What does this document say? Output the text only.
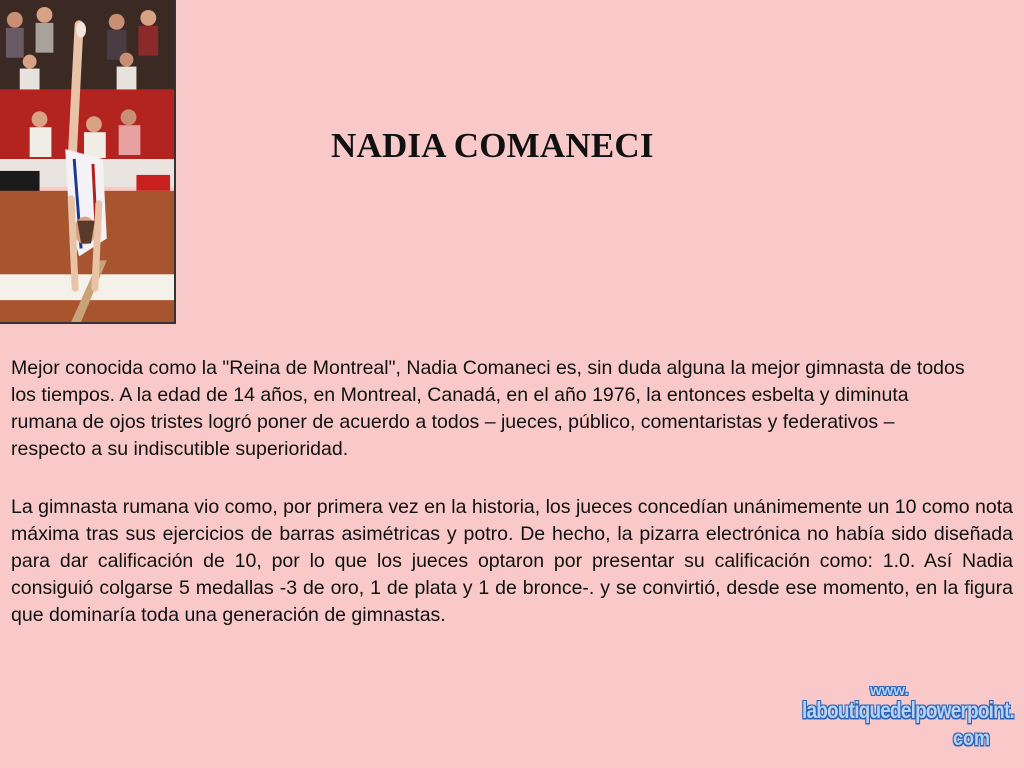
NADIA COMANECI

Mejor conocida como la "Reina de Montreal", Nadia Comaneci es, sin duda alguna la mejor gimnasta de todos los tiempos. A la edad de 14 años, en Montreal, Canadá, en el año 1976, la entonces esbelta y diminuta rumana de ojos tristes logró poner de acuerdo a todos – jueces, público, comentaristas y federativos – respecto a su indiscutible superioridad.

La gimnasta rumana vio como, por primera vez en la historia, los jueces concedían unánimemente un 10 como nota máxima tras sus ejercicios de barras asimétricas y potro. De hecho, la pizarra electrónica no había sido diseñada para dar calificación de 10, por lo que los jueces optaron por presentar su calificación como: 1.0. Así Nadia consiguió colgarse 5 medallas -3 de oro, 1 de plata y 1 de bronce-. y se convirtió, desde ese momento, en la figura que dominaría toda una generación de gimnastas.

www.
laboutiquedelpowerpoint.
com
